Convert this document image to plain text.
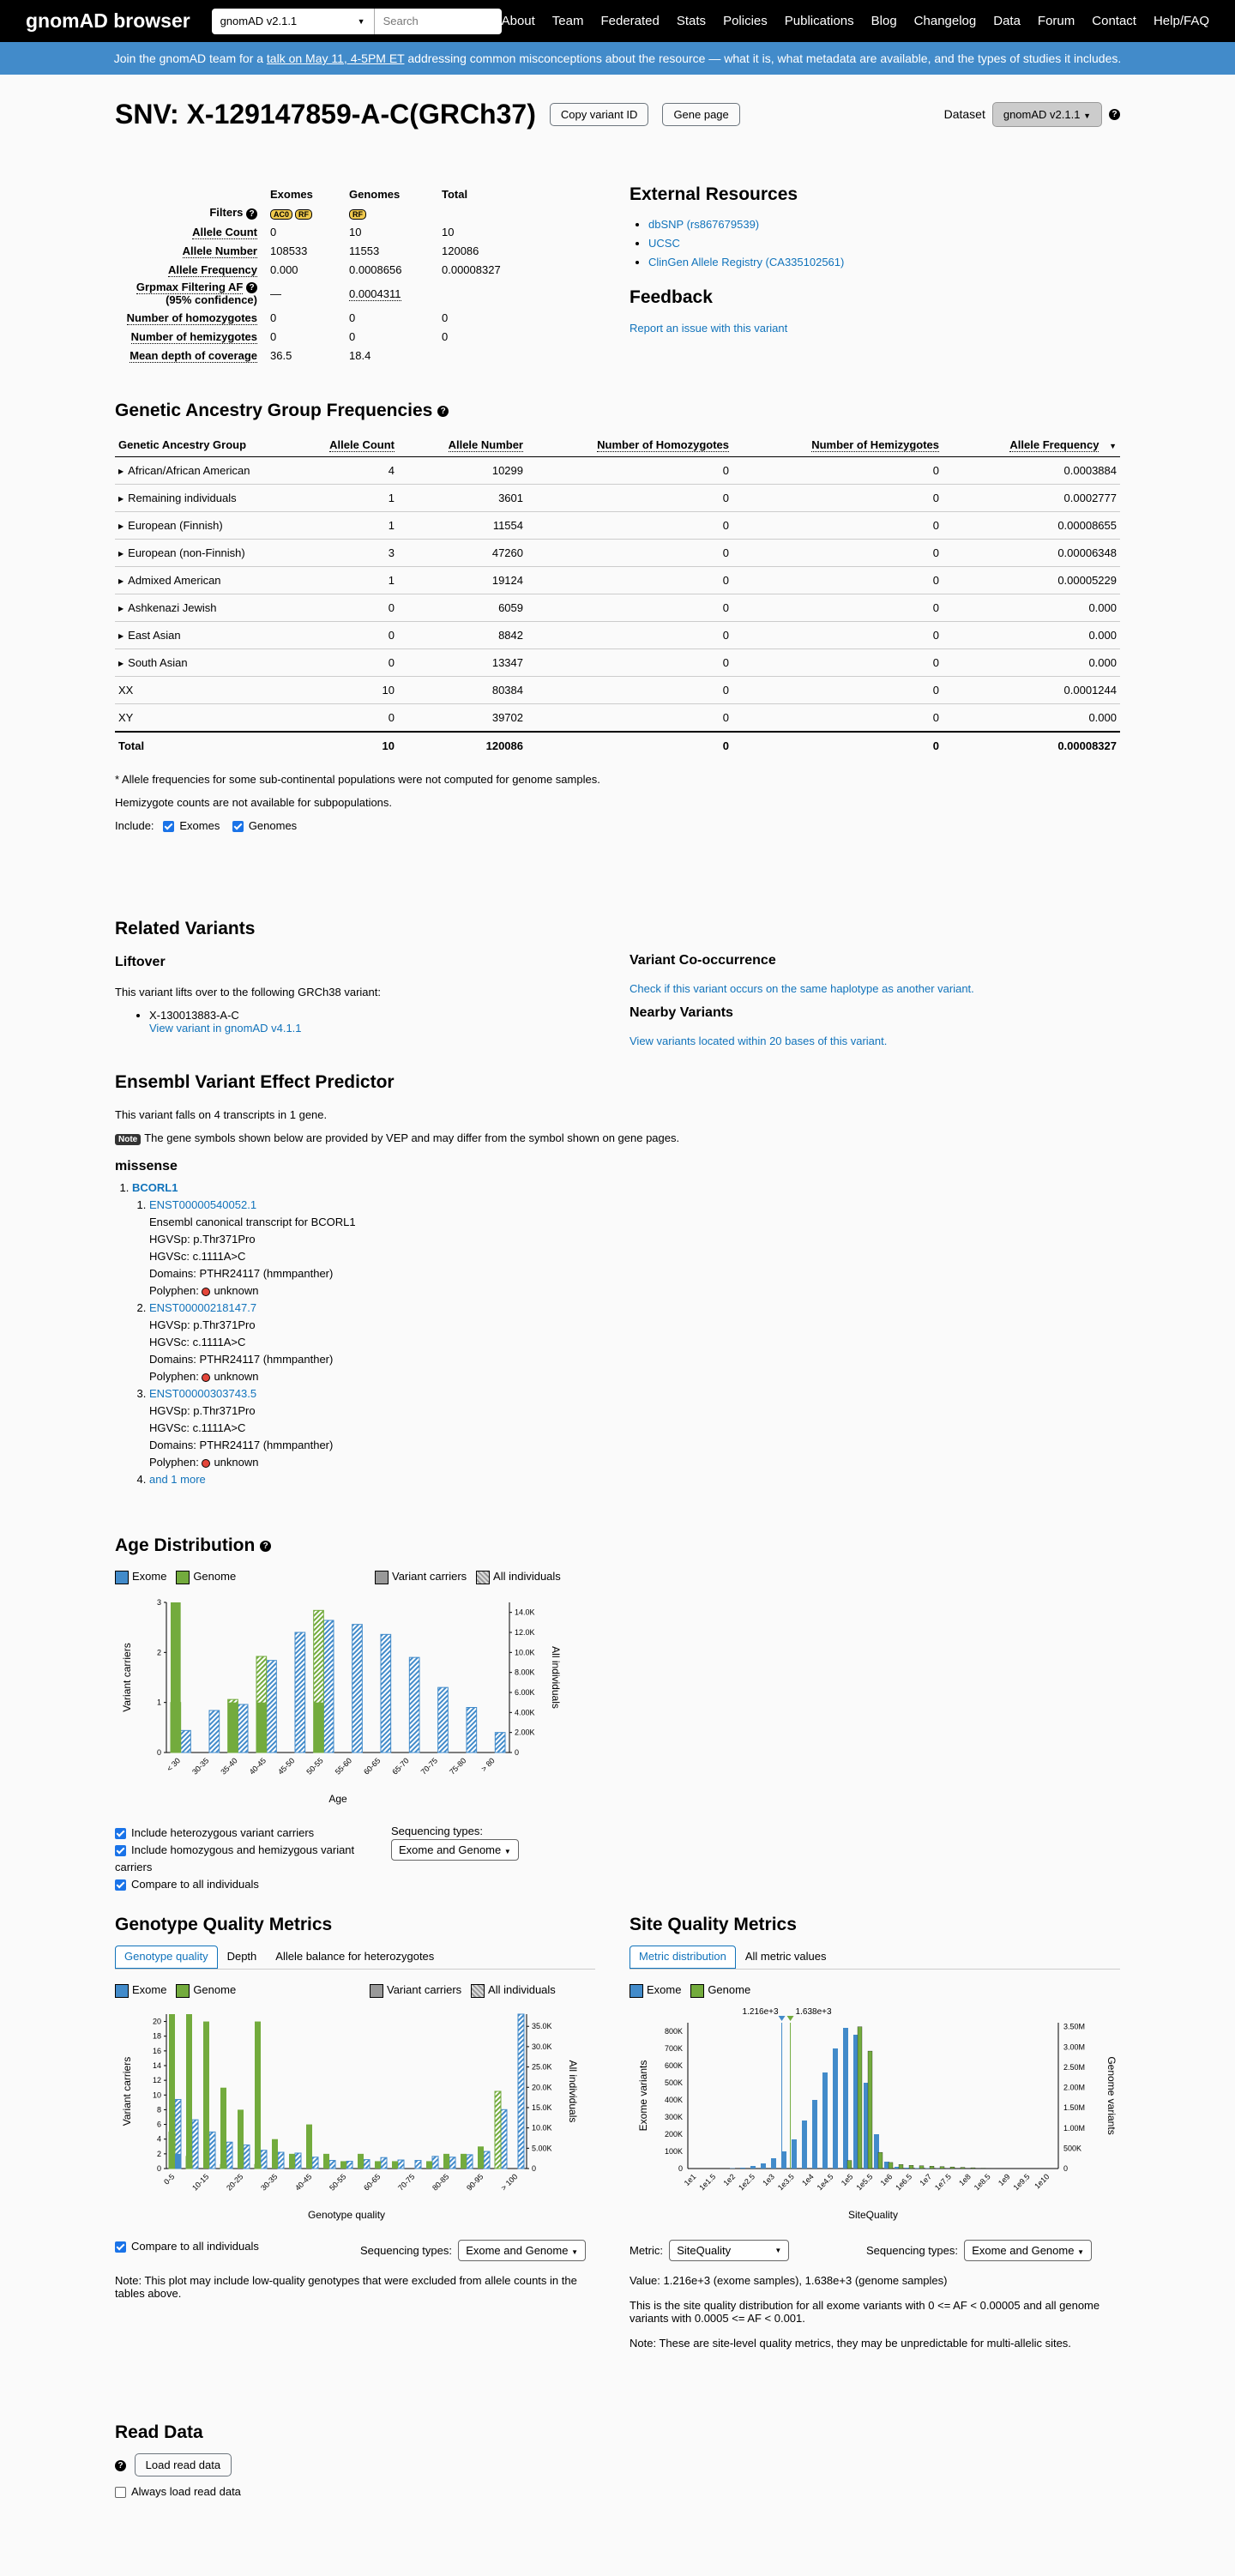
gnomAD browser	gnomAD v2.1.1	▼	Search	About Team Federated Stats Policies Publications Blog Changelog Data Forum Contact Help/FAQ
Join the gnomAD team for a talk on May 11, 4-5PM ET addressing common misconceptions about the resource — what it is, what metadata are available, and the types of studies it includes.
SNV: X-129147859-A-C(GRCh37)	Copy variant ID	Gene page	Dataset	gnomAD v2.1.1 ▼	?
	Exomes	Genomes	Total
Filters ?	AC0 RF	RF	
Allele Count	0	10	10
Allele Number	108533	11553	120086
Allele Frequency	0.000	0.0008656	0.00008327
Grpmax Filtering AF ?
(95% confidence)	—	0.0004311	
Number of homozygotes	0	0	0
Number of hemizygotes	0	0	0
Mean depth of coverage	36.5	18.4	
External Resources
• dbSNP (rs867679539)
• UCSC
• ClinGen Allele Registry (CA335102561)
Feedback
Report an issue with this variant
Genetic Ancestry Group Frequencies ?
Genetic Ancestry Group	Allele Count	Allele Number	Number of Homozygotes	Number of Hemizygotes	Allele Frequency ▼
▶ African/African American	4	10299	0	0	0.0003884
▶ Remaining individuals	1	3601	0	0	0.0002777
▶ European (Finnish)	1	11554	0	0	0.00008655
▶ European (non-Finnish)	3	47260	0	0	0.00006348
▶ Admixed American	1	19124	0	0	0.00005229
▶ Ashkenazi Jewish	0	6059	0	0	0.000
▶ East Asian	0	8842	0	0	0.000
▶ South Asian	0	13347	0	0	0.000
XX	10	80384	0	0	0.0001244
XY	0	39702	0	0	0.000
Total	10	120086	0	0	0.00008327
* Allele frequencies for some sub-continental populations were not computed for genome samples.
Hemizygote counts are not available for subpopulations.
Include: Exomes	Genomes
Related Variants
Liftover
This variant lifts over to the following GRCh38 variant:
• X-130013883-A-C
View variant in gnomAD v4.1.1
Variant Co-occurrence
Check if this variant occurs on the same haplotype as another variant.
Nearby Variants
View variants located within 20 bases of this variant.
Ensembl Variant Effect Predictor
This variant falls on 4 transcripts in 1 gene.
Note The gene symbols shown below are provided by VEP and may differ from the symbol shown on gene pages.
missense
1. BCORL1
1. ENST00000540052.1
Ensembl canonical transcript for BCORL1
HGVSp: p.Thr371Pro
HGVSc: c.1111A>C
Domains: PTHR24117 (hmmpanther)
Polyphen: unknown
2. ENST00000218147.7
HGVSp: p.Thr371Pro
HGVSc: c.1111A>C
Domains: PTHR24117 (hmmpanther)
Polyphen: unknown
3. ENST00000303743.5
HGVSp: p.Thr371Pro
HGVSc: c.1111A>C
Domains: PTHR24117 (hmmpanther)
Polyphen: unknown
4. and 1 more
Age Distribution ?
Exome Genome	Variant carriers All individuals
0
1
2
3
0
2.00K
4.00K
6.00K
8.00K
10.0K
12.0K
14.0K
< 30 30-35 35-40 40-45 45-50 50-55 55-60 60-65 65-70 70-75 75-80 > 80
Age
Variant carriers	All individuals
Include heterozygous variant carriers
Include homozygous and hemizygous variant carriers
Compare to all individuals
Sequencing types:
Exome and Genome ▼
Genotype Quality Metrics
Genotype quality	Depth	Allele balance for heterozygotes
Exome Genome	Variant carriers All individuals
0
2
4
6
8
10
12
14
16
18
20
0
5.00K
10.0K
15.0K
20.0K
25.0K
30.0K
35.0K
0-5 10-15 20-25 30-35 40-45 50-55 60-65 70-75 80-85 90-95 > 100
Genotype quality
Variant carriers	All individuals
Compare to all individuals	Sequencing types: Exome and Genome ▼
Note: This plot may include low-quality genotypes that were excluded from allele counts in the tables above.
Site Quality Metrics
Metric distribution	All metric values
Exome Genome
0
100K
200K
300K
400K
500K
600K
700K
800K
0
500K
1.00M
1.50M
2.00M
2.50M
3.00M
3.50M
1e1 1e1.5 1e2 1e2.5 1e3 1e3.5 1e4 1e4.5 1e5 1e5.5 1e6 1e6.5 1e7 1e7.5 1e8 1e8.5 1e9 1e9.5 1e10
1.216e+3 1.638e+3
SiteQuality
Exome variants	Genome variants
Metric: SiteQuality	▼	Sequencing types: Exome and Genome ▼
Value: 1.216e+3 (exome samples), 1.638e+3 (genome samples)
This is the site quality distribution for all exome variants with 0 <= AF < 0.00005 and all genome variants with 0.0005 <= AF < 0.001.
Note: These are site-level quality metrics, they may be unpredictable for multi-allelic sites.
Read Data
? Load read data
Always load read data
